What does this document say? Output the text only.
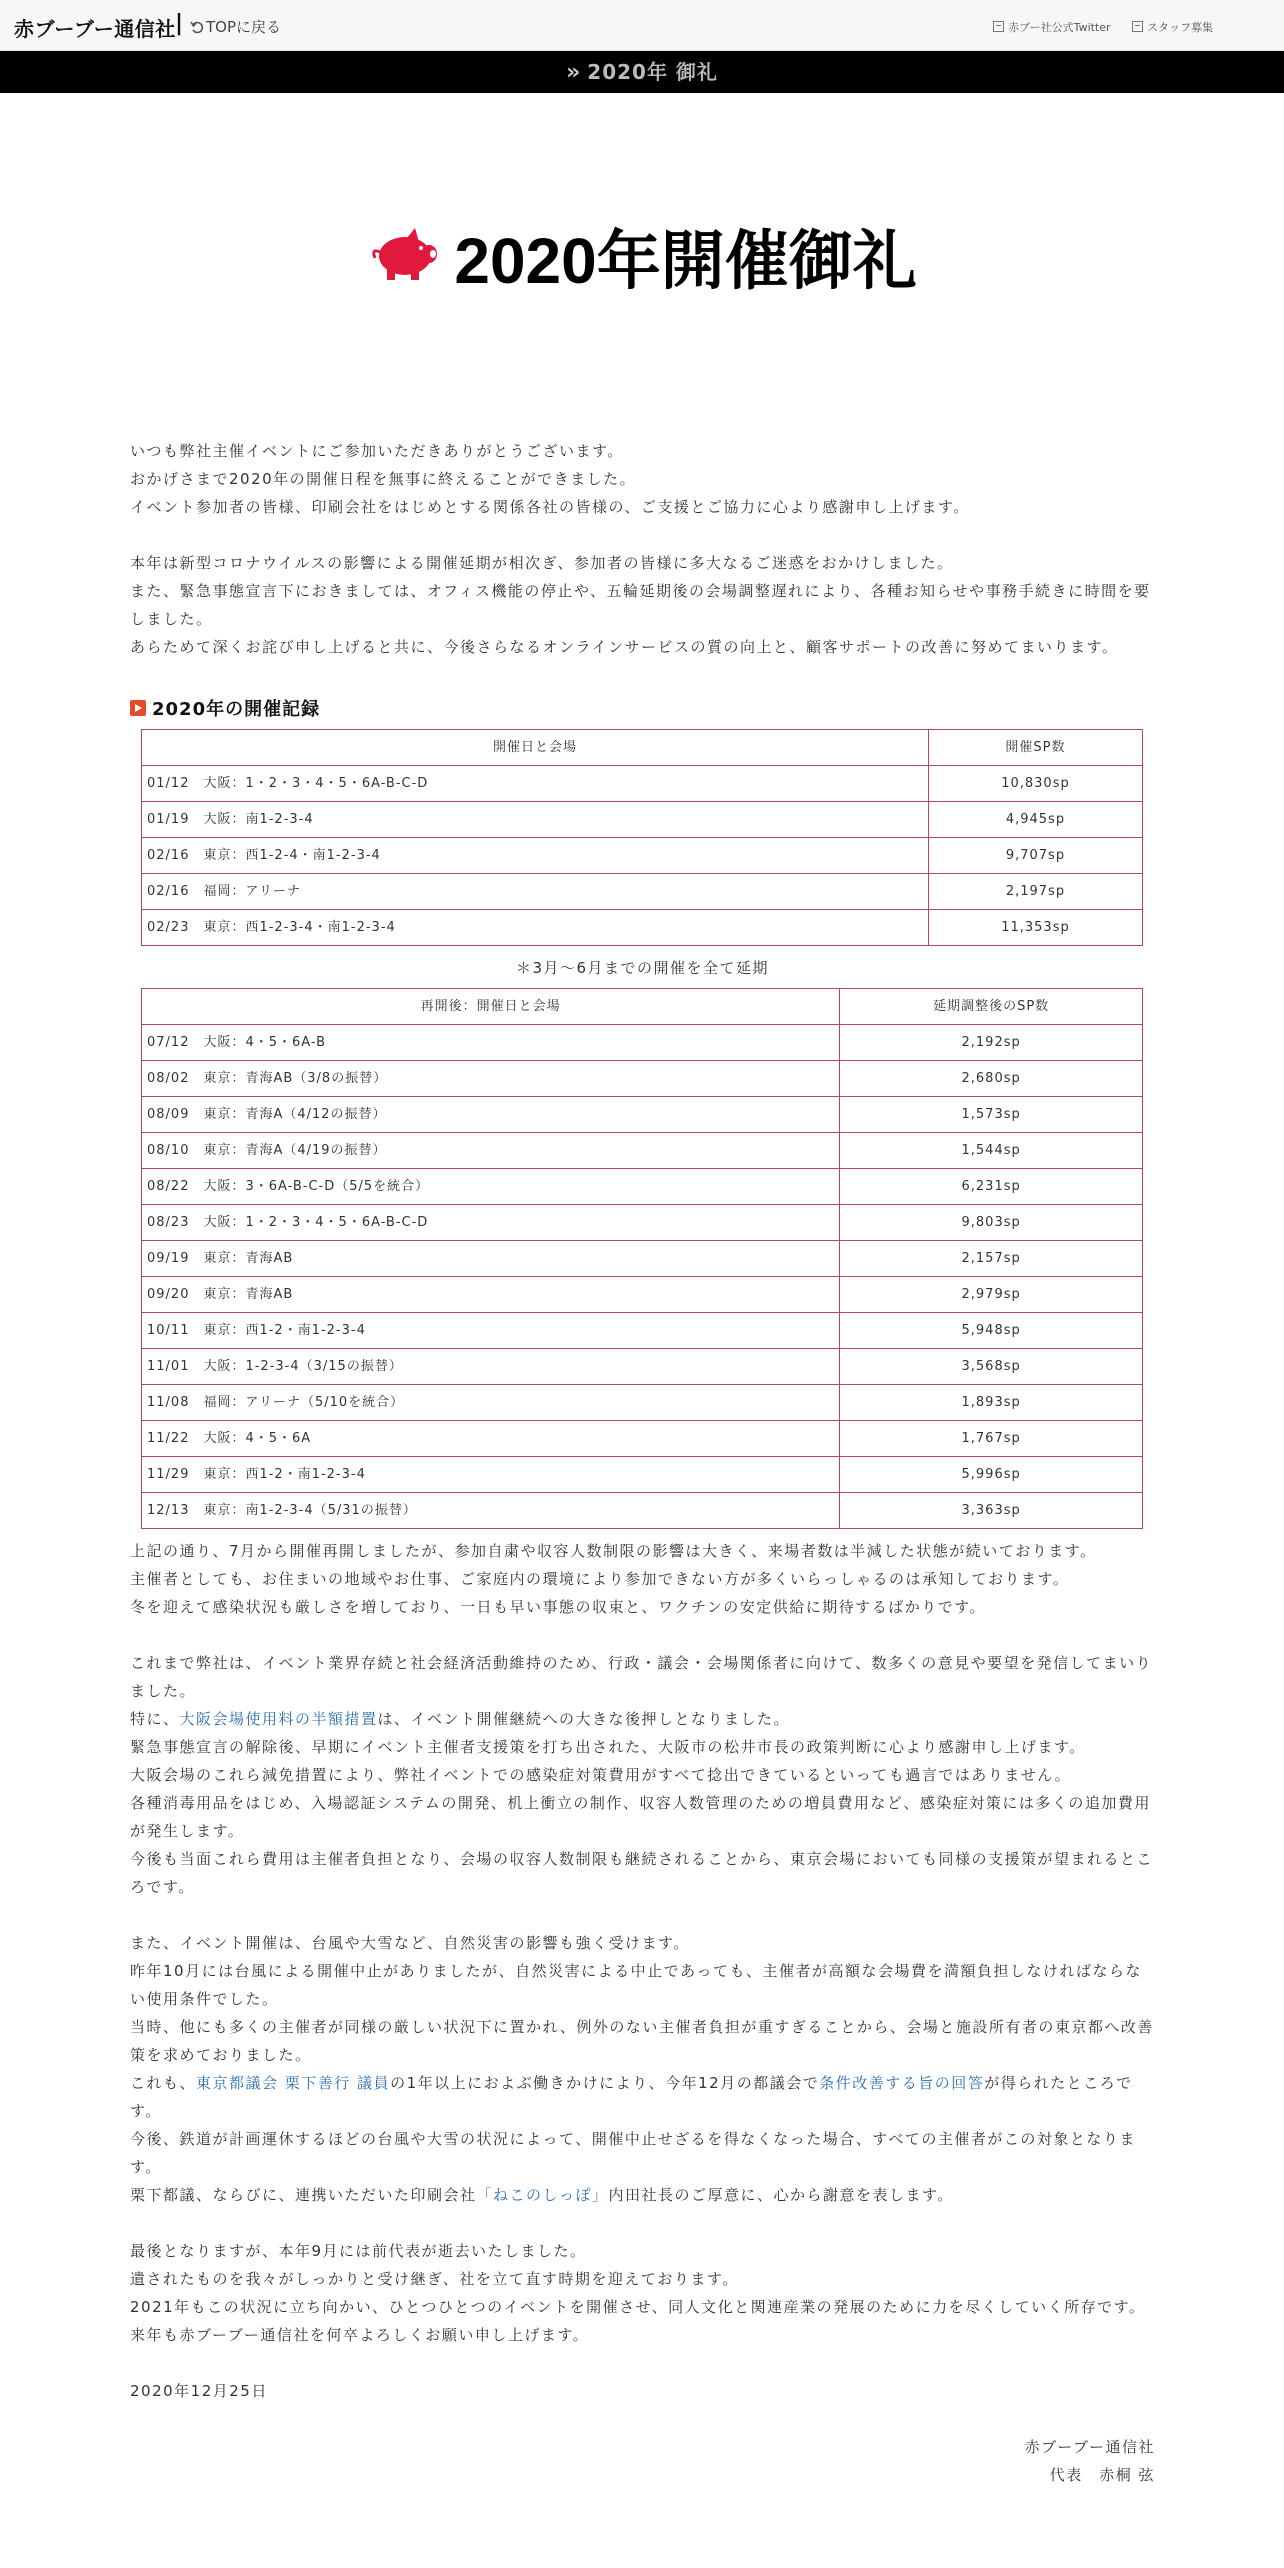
赤ブーブー通信社 |	TOPに戻る	赤ブー社公式Twitter	スタッフ募集
» 2020年 御礼
2020年開催御礼

いつも弊社主催イベントにご参加いただきありがとうございます。

おかげさまで2020年の開催日程を無事に終えることができました。

イベント参加者の皆様、印刷会社をはじめとする関係各社の皆様の、ご支援とご協力に心より感謝申し上げます。

本年は新型コロナウイルスの影響による開催延期が相次ぎ、参加者の皆様に多大なるご迷惑をおかけしました。

また、緊急事態宣言下におきましては、オフィス機能の停止や、五輪延期後の会場調整遅れにより、各種お知らせや事務手続きに時間を要しました。

あらためて深くお詫び申し上げると共に、今後さらなるオンラインサービスの質の向上と、顧客サポートの改善に努めてまいります。

2020年の開催記録
開催日と会場	開催SP数
01/12　大阪：1・2・3・4・5・6A-B-C-D	10,830sp
01/19　大阪：南1-2-3-4	4,945sp
02/16　東京：西1-2-4・南1-2-3-4	9,707sp
02/16　福岡：アリーナ	2,197sp
02/23　東京：西1-2-3-4・南1-2-3-4	11,353sp
＊3月～6月までの開催を全て延期
再開後：開催日と会場	延期調整後のSP数
07/12　大阪：4・5・6A-B	2,192sp
08/02　東京：青海AB（3/8の振替）	2,680sp
08/09　東京：青海A（4/12の振替）	1,573sp
08/10　東京：青海A（4/19の振替）	1,544sp
08/22　大阪：3・6A-B-C-D（5/5を統合）	6,231sp
08/23　大阪：1・2・3・4・5・6A-B-C-D	9,803sp
09/19　東京：青海AB	2,157sp
09/20　東京：青海AB	2,979sp
10/11　東京：西1-2・南1-2-3-4	5,948sp
11/01　大阪：1-2-3-4（3/15の振替）	3,568sp
11/08　福岡：アリーナ（5/10を統合）	1,893sp
11/22　大阪：4・5・6A	1,767sp
11/29　東京：西1-2・南1-2-3-4	5,996sp
12/13　東京：南1-2-3-4（5/31の振替）	3,363sp

上記の通り、7月から開催再開しましたが、参加自粛や収容人数制限の影響は大きく、来場者数は半減した状態が続いております。

主催者としても、お住まいの地域やお仕事、ご家庭内の環境により参加できない方が多くいらっしゃるのは承知しております。

冬を迎えて感染状況も厳しさを増しており、一日も早い事態の収束と、ワクチンの安定供給に期待するばかりです。

これまで弊社は、イベント業界存続と社会経済活動維持のため、行政・議会・会場関係者に向けて、数多くの意見や要望を発信してまいりました。

特に、大阪会場使用料の半額措置は、イベント開催継続への大きな後押しとなりました。

緊急事態宣言の解除後、早期にイベント主催者支援策を打ち出された、大阪市の松井市長の政策判断に心より感謝申し上げます。

大阪会場のこれら減免措置により、弊社イベントでの感染症対策費用がすべて捻出できているといっても過言ではありません。

各種消毒用品をはじめ、入場認証システムの開発、机上衝立の制作、収容人数管理のための増員費用など、感染症対策には多くの追加費用が発生します。

今後も当面これら費用は主催者負担となり、会場の収容人数制限も継続されることから、東京会場においても同様の支援策が望まれるところです。

また、イベント開催は、台風や大雪など、自然災害の影響も強く受けます。

昨年10月には台風による開催中止がありましたが、自然災害による中止であっても、主催者が高額な会場費を満額負担しなければならない使用条件でした。

当時、他にも多くの主催者が同様の厳しい状況下に置かれ、例外のない主催者負担が重すぎることから、会場と施設所有者の東京都へ改善策を求めておりました。

これも、東京都議会 栗下善行 議員の1年以上におよぶ働きかけにより、今年12月の都議会で条件改善する旨の回答が得られたところです。

今後、鉄道が計画運休するほどの台風や大雪の状況によって、開催中止せざるを得なくなった場合、すべての主催者がこの対象となります。

栗下都議、ならびに、連携いただいた印刷会社「ねこのしっぽ」内田社長のご厚意に、心から謝意を表します。

最後となりますが、本年9月には前代表が逝去いたしました。

遺されたものを我々がしっかりと受け継ぎ、社を立て直す時期を迎えております。

2021年もこの状況に立ち向かい、ひとつひとつのイベントを開催させ、同人文化と関連産業の発展のために力を尽くしていく所存です。

来年も赤ブーブー通信社を何卒よろしくお願い申し上げます。

2020年12月25日

赤ブーブー通信社

代表　赤桐 弦
